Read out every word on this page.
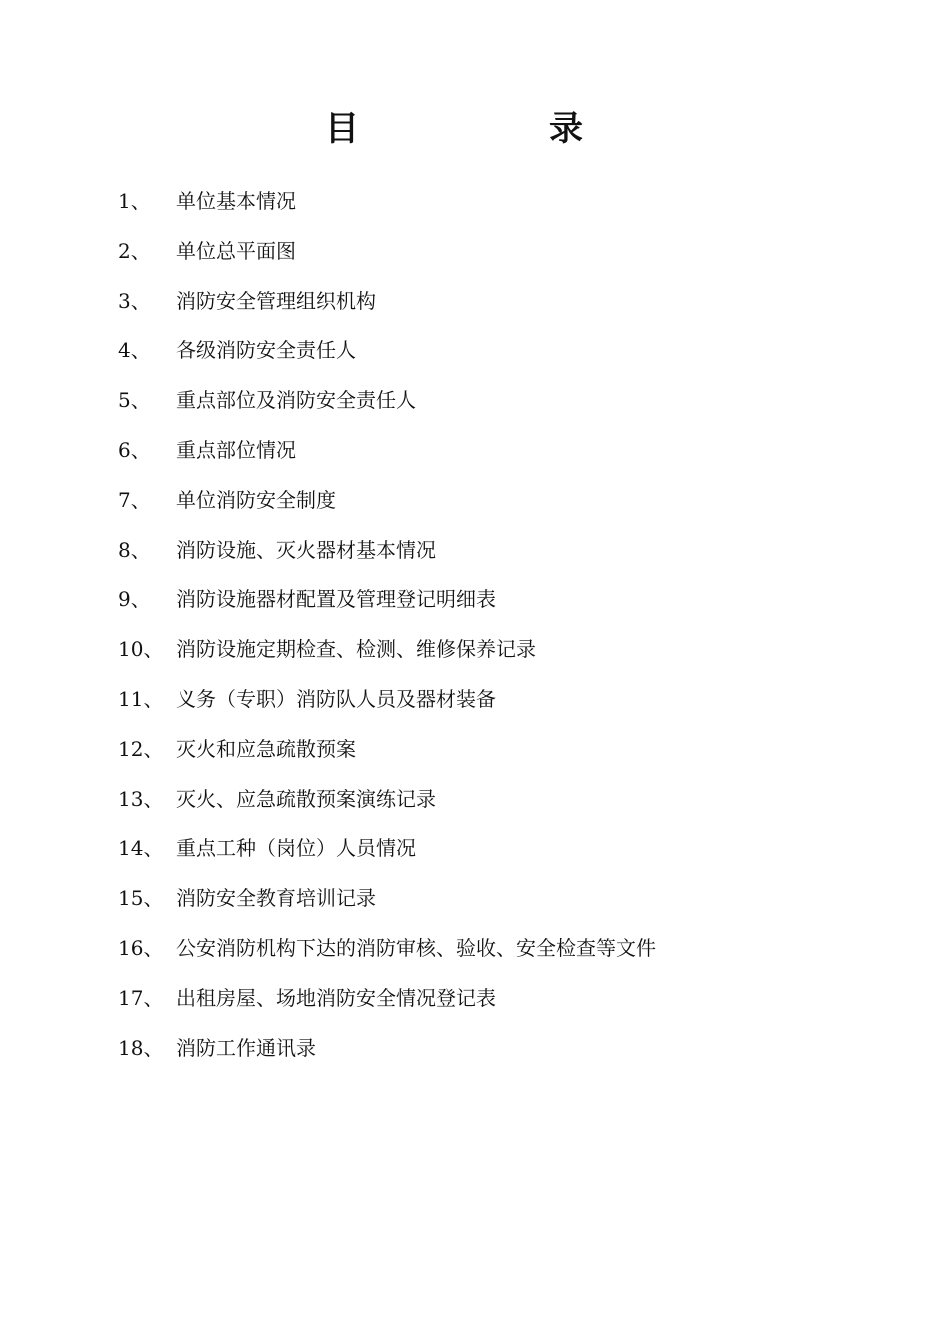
目	录
1、 单位基本情况
2、 单位总平面图
3、 消防安全管理组织机构
4、 各级消防安全责任人
5、 重点部位及消防安全责任人
6、 重点部位情况
7、 单位消防安全制度
8、 消防设施、灭火器材基本情况
9、 消防设施器材配置及管理登记明细表
10、 消防设施定期检查、检测、维修保养记录
11、 义务（专职）消防队人员及器材装备
12、 灭火和应急疏散预案
13、 灭火、应急疏散预案演练记录
14、 重点工种（岗位）人员情况
15、 消防安全教育培训记录
16、 公安消防机构下达的消防审核、验收、安全检查等文件
17、 出租房屋、场地消防安全情况登记表
18、 消防工作通讯录
